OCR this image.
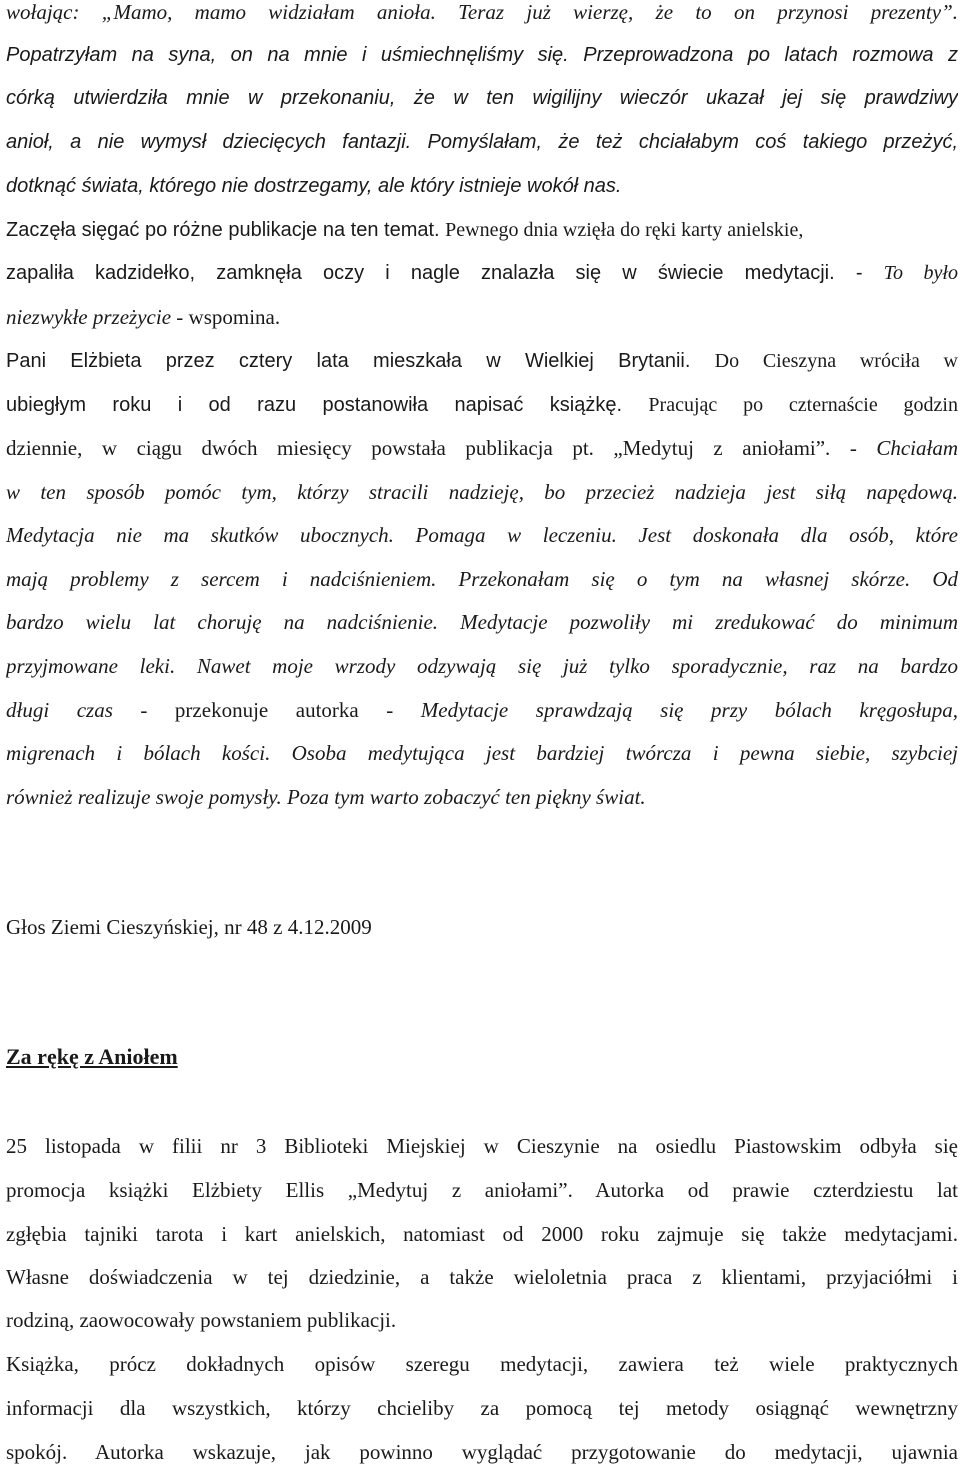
wołając: „Mamo, mamo widziałam anioła. Teraz już wierzę, że to on przynosi prezenty”.
Popatrzyłam na syna, on na mnie i uśmiechnęliśmy się. Przeprowadzona po latach rozmowa z
córką utwierdziła mnie w przekonaniu, że w ten wigilijny wieczór ukazał jej się prawdziwy
anioł, a nie wymysł dziecięcych fantazji. Pomyślałam, że też chciałabym coś takiego przeżyć,
dotknąć świata, którego nie dostrzegamy, ale który istnieje wokół nas.
Zaczęła sięgać po różne publikacje na ten temat. Pewnego dnia wzięła do ręki karty anielskie,
zapaliła kadzidełko, zamknęła oczy i nagle znalazła się w świecie medytacji. - To było
niezwykłe przeżycie - wspomina.
Pani Elżbieta przez cztery lata mieszkała w Wielkiej Brytanii. Do Cieszyna wróciła w
ubiegłym roku i od razu postanowiła napisać książkę. Pracując po czternaście godzin
dziennie, w ciągu dwóch miesięcy powstała publikacja pt. „Medytuj z aniołami”. - Chciałam
w ten sposób pomóc tym, którzy stracili nadzieję, bo przecież nadzieja jest siłą napędową.
Medytacja nie ma skutków ubocznych. Pomaga w leczeniu. Jest doskonała dla osób, które
mają problemy z sercem i nadciśnieniem. Przekonałam się o tym na własnej skórze. Od
bardzo wielu lat choruję na nadciśnienie. Medytacje pozwoliły mi zredukować do minimum
przyjmowane leki. Nawet moje wrzody odzywają się już tylko sporadycznie, raz na bardzo
długi czas - przekonuje autorka - Medytacje sprawdzają się przy bólach kręgosłupa,
migrenach i bólach kości. Osoba medytująca jest bardziej twórcza i pewna siebie, szybciej
również realizuje swoje pomysły. Poza tym warto zobaczyć ten piękny świat.
Głos Ziemi Cieszyńskiej, nr 48 z 4.12.2009
Za rękę z Aniołem
25 listopada w filii nr 3 Biblioteki Miejskiej w Cieszynie na osiedlu Piastowskim odbyła się
promocja książki Elżbiety Ellis „Medytuj z aniołami”. Autorka od prawie czterdziestu lat
zgłębia tajniki tarota i kart anielskich, natomiast od 2000 roku zajmuje się także medytacjami.
Własne doświadczenia w tej dziedzinie, a także wieloletnia praca z klientami, przyjaciółmi i
rodziną, zaowocowały powstaniem publikacji.
Książka, prócz dokładnych opisów szeregu medytacji, zawiera też wiele praktycznych
informacji dla wszystkich, którzy chcieliby za pomocą tej metody osiągnąć wewnętrzny
spokój. Autorka wskazuje, jak powinno wyglądać przygotowanie do medytacji, ujawnia
